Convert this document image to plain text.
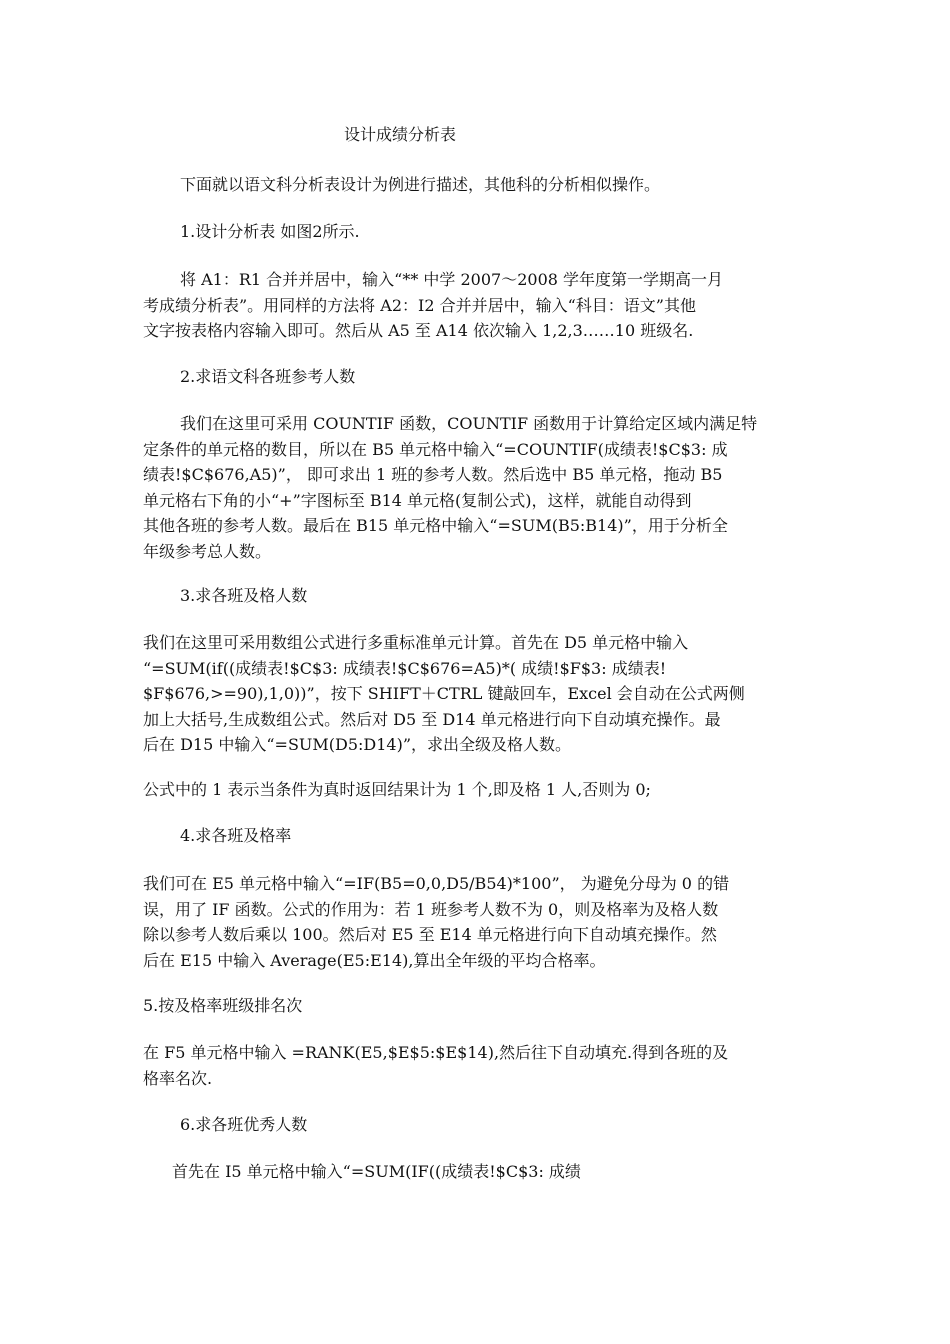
设计成绩分析表

下面就以语文科分析表设计为例进行描述，其他科的分析相似操作。

1.设计分析表 如图2所示.

将 A1：R1 合并并居中，输入“** 中学 2007～2008 学年度第一学期高一月
考成绩分析表”。用同样的方法将 A2：I2 合并并居中，输入“科目：语文”其他
文字按表格内容输入即可。然后从 A5 至 A14 依次输入 1,2,3……10 班级名.

2.求语文科各班参考人数

我们在这里可采用 COUNTIF 函数，COUNTIF 函数用于计算给定区域内满足特
定条件的单元格的数目，所以在 B5 单元格中输入“=COUNTIF(成绩表!$C$3: 成
绩表!$C$676,A5)”， 即可求出 1 班的参考人数。然后选中 B5 单元格，拖动 B5
单元格右下角的小“+”字图标至 B14 单元格(复制公式)，这样，就能自动得到
其他各班的参考人数。最后在 B15 单元格中输入“=SUM(B5:B14)”，用于分析全
年级参考总人数。

3.求各班及格人数

我们在这里可采用数组公式进行多重标准单元计算。首先在 D5 单元格中输入
“=SUM(if((成绩表!$C$3: 成绩表!$C$676=A5)*( 成绩!$F$3: 成绩表!
$F$676,>=90),1,0))”，按下 SHIFT＋CTRL 键敲回车，Excel 会自动在公式两侧
加上大括号,生成数组公式。然后对 D5 至 D14 单元格进行向下自动填充操作。最
后在 D15 中输入“=SUM(D5:D14)”，求出全级及格人数。

公式中的 1 表示当条件为真时返回结果计为 1 个,即及格 1 人,否则为 0;

4.求各班及格率

我们可在 E5 单元格中输入“=IF(B5=0,0,D5/B54)*100”， 为避免分母为 0 的错
误，用了 IF 函数。公式的作用为：若 1 班参考人数不为 0，则及格率为及格人数
除以参考人数后乘以 100。然后对 E5 至 E14 单元格进行向下自动填充操作。然
后在 E15 中输入 Average(E5:E14),算出全年级的平均合格率。

5.按及格率班级排名次

在 F5 单元格中输入 =RANK(E5,$E$5:$E$14),然后往下自动填充.得到各班的及
格率名次.

6.求各班优秀人数

首先在 I5 单元格中输入“=SUM(IF((成绩表!$C$3: 成绩
